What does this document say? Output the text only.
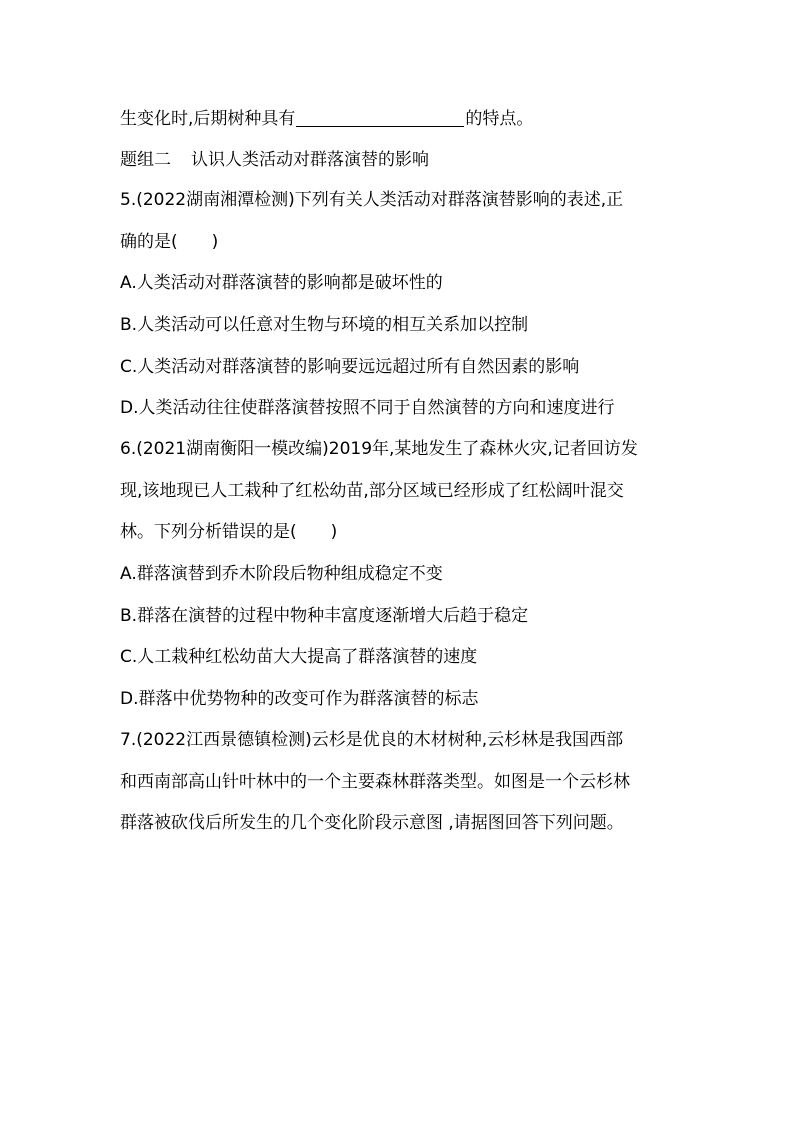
生变化时,后期树种具有	的特点。
题组二 认识人类活动对群落演替的影响
5.(2022湖南湘潭检测)下列有关人类活动对群落演替影响的表述,正
确的是(　　)
A.人类活动对群落演替的影响都是破坏性的
B.人类活动可以任意对生物与环境的相互关系加以控制
C.人类活动对群落演替的影响要远远超过所有自然因素的影响
D.人类活动往往使群落演替按照不同于自然演替的方向和速度进行
6.(2021湖南衡阳一模改编)2019年,某地发生了森林火灾,记者回访发
现,该地现已人工栽种了红松幼苗,部分区域已经形成了红松阔叶混交
林。下列分析错误的是(　　)
A.群落演替到乔木阶段后物种组成稳定不变
B.群落在演替的过程中物种丰富度逐渐增大后趋于稳定
C.人工栽种红松幼苗大大提高了群落演替的速度
D.群落中优势物种的改变可作为群落演替的标志
7.(2022江西景德镇检测)云杉是优良的木材树种,云杉林是我国西部
和西南部高山针叶林中的一个主要森林群落类型。如图是一个云杉林
群落被砍伐后所发生的几个变化阶段示意图 ,请据图回答下列问题。
